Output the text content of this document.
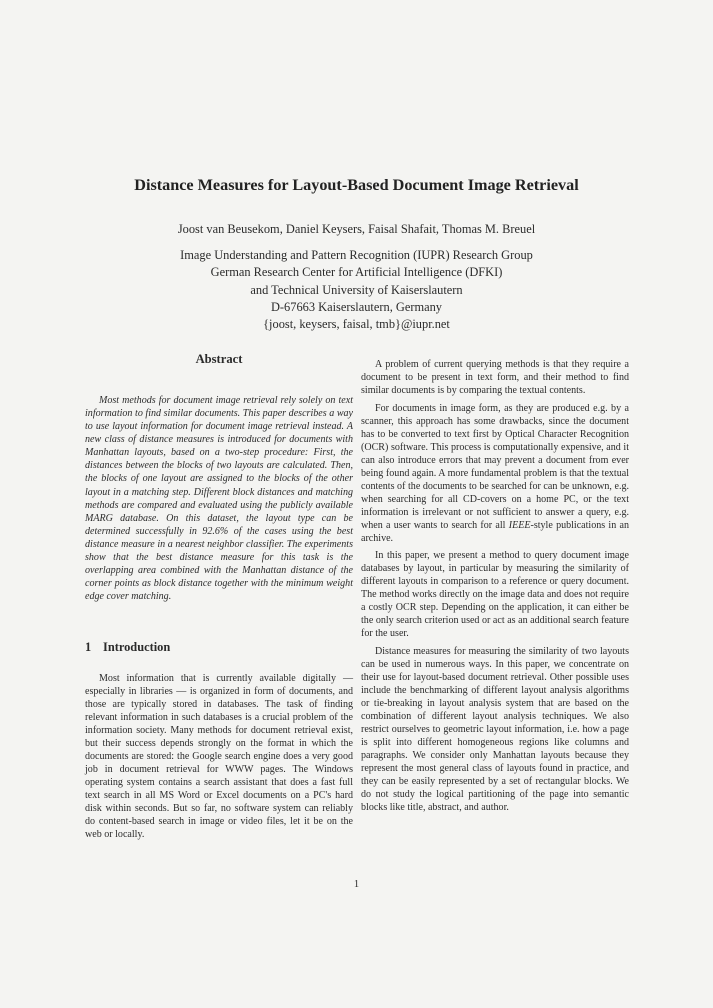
Distance Measures for Layout-Based Document Image Retrieval

Joost van Beusekom, Daniel Keysers, Faisal Shafait, Thomas M. Breuel

Image Understanding and Pattern Recognition (IUPR) Research Group
German Research Center for Artificial Intelligence (DFKI)
and Technical University of Kaiserslautern
D-67663 Kaiserslautern, Germany
{joost, keysers, faisal, tmb}@iupr.net
Abstract

Most methods for document image retrieval rely solely on text information to find similar documents. This paper describes a way to use layout information for document image retrieval instead. A new class of distance measures is introduced for documents with Manhattan layouts, based on a two-step procedure: First, the distances between the blocks of two layouts are calculated. Then, the blocks of one layout are assigned to the blocks of the other layout in a matching step. Different block distances and matching methods are compared and evaluated using the publicly available MARG database. On this dataset, the layout type can be determined successfully in 92.6% of the cases using the best distance measure in a nearest neighbor classifier. The experiments show that the best distance measure for this task is the overlapping area combined with the Manhattan distance of the corner points as block distance together with the minimum weight edge cover matching.

1 Introduction

Most information that is currently available digitally — especially in libraries — is organized in form of documents, and those are typically stored in databases. The task of finding relevant information in such databases is a crucial problem of the information society. Many methods for document retrieval exist, but their success depends strongly on the format in which the documents are stored: the Google search engine does a very good job in document retrieval for WWW pages. The Windows operating system contains a search assistant that does a fast full text search in all MS Word or Excel documents on a PC's hard disk within seconds. But so far, no software system can reliably do content-based search in image or video files, let it be on the web or locally.

A problem of current querying methods is that they require a document to be present in text form, and their method to find similar documents is by comparing the textual contents.

For documents in image form, as they are produced e.g. by a scanner, this approach has some drawbacks, since the document has to be converted to text first by Optical Character Recognition (OCR) software. This process is computationally expensive, and it can also introduce errors that may prevent a document from ever being found again. A more fundamental problem is that the textual contents of the documents to be searched for can be unknown, e.g. when searching for all CD-covers on a home PC, or the text information is irrelevant or not sufficient to answer a query, e.g. when a user wants to search for all IEEE-style publications in an archive.

In this paper, we present a method to query document image databases by layout, in particular by measuring the similarity of different layouts in comparison to a reference or query document. The method works directly on the image data and does not require a costly OCR step. Depending on the application, it can either be the only search criterion used or act as an additional search feature for the user.

Distance measures for measuring the similarity of two layouts can be used in numerous ways. In this paper, we concentrate on their use for layout-based document retrieval. Other possible uses include the benchmarking of different layout analysis algorithms or tie-breaking in layout analysis system that are based on the combination of different layout analysis techniques. We also restrict ourselves to geometric layout information, i.e. how a page is split into different homogeneous regions like columns and paragraphs. We consider only Manhattan layouts because they represent the most general class of layouts found in practice, and they can be easily represented by a set of rectangular blocks. We do not study the logical partitioning of the page into semantic blocks like title, abstract, and author.

1
